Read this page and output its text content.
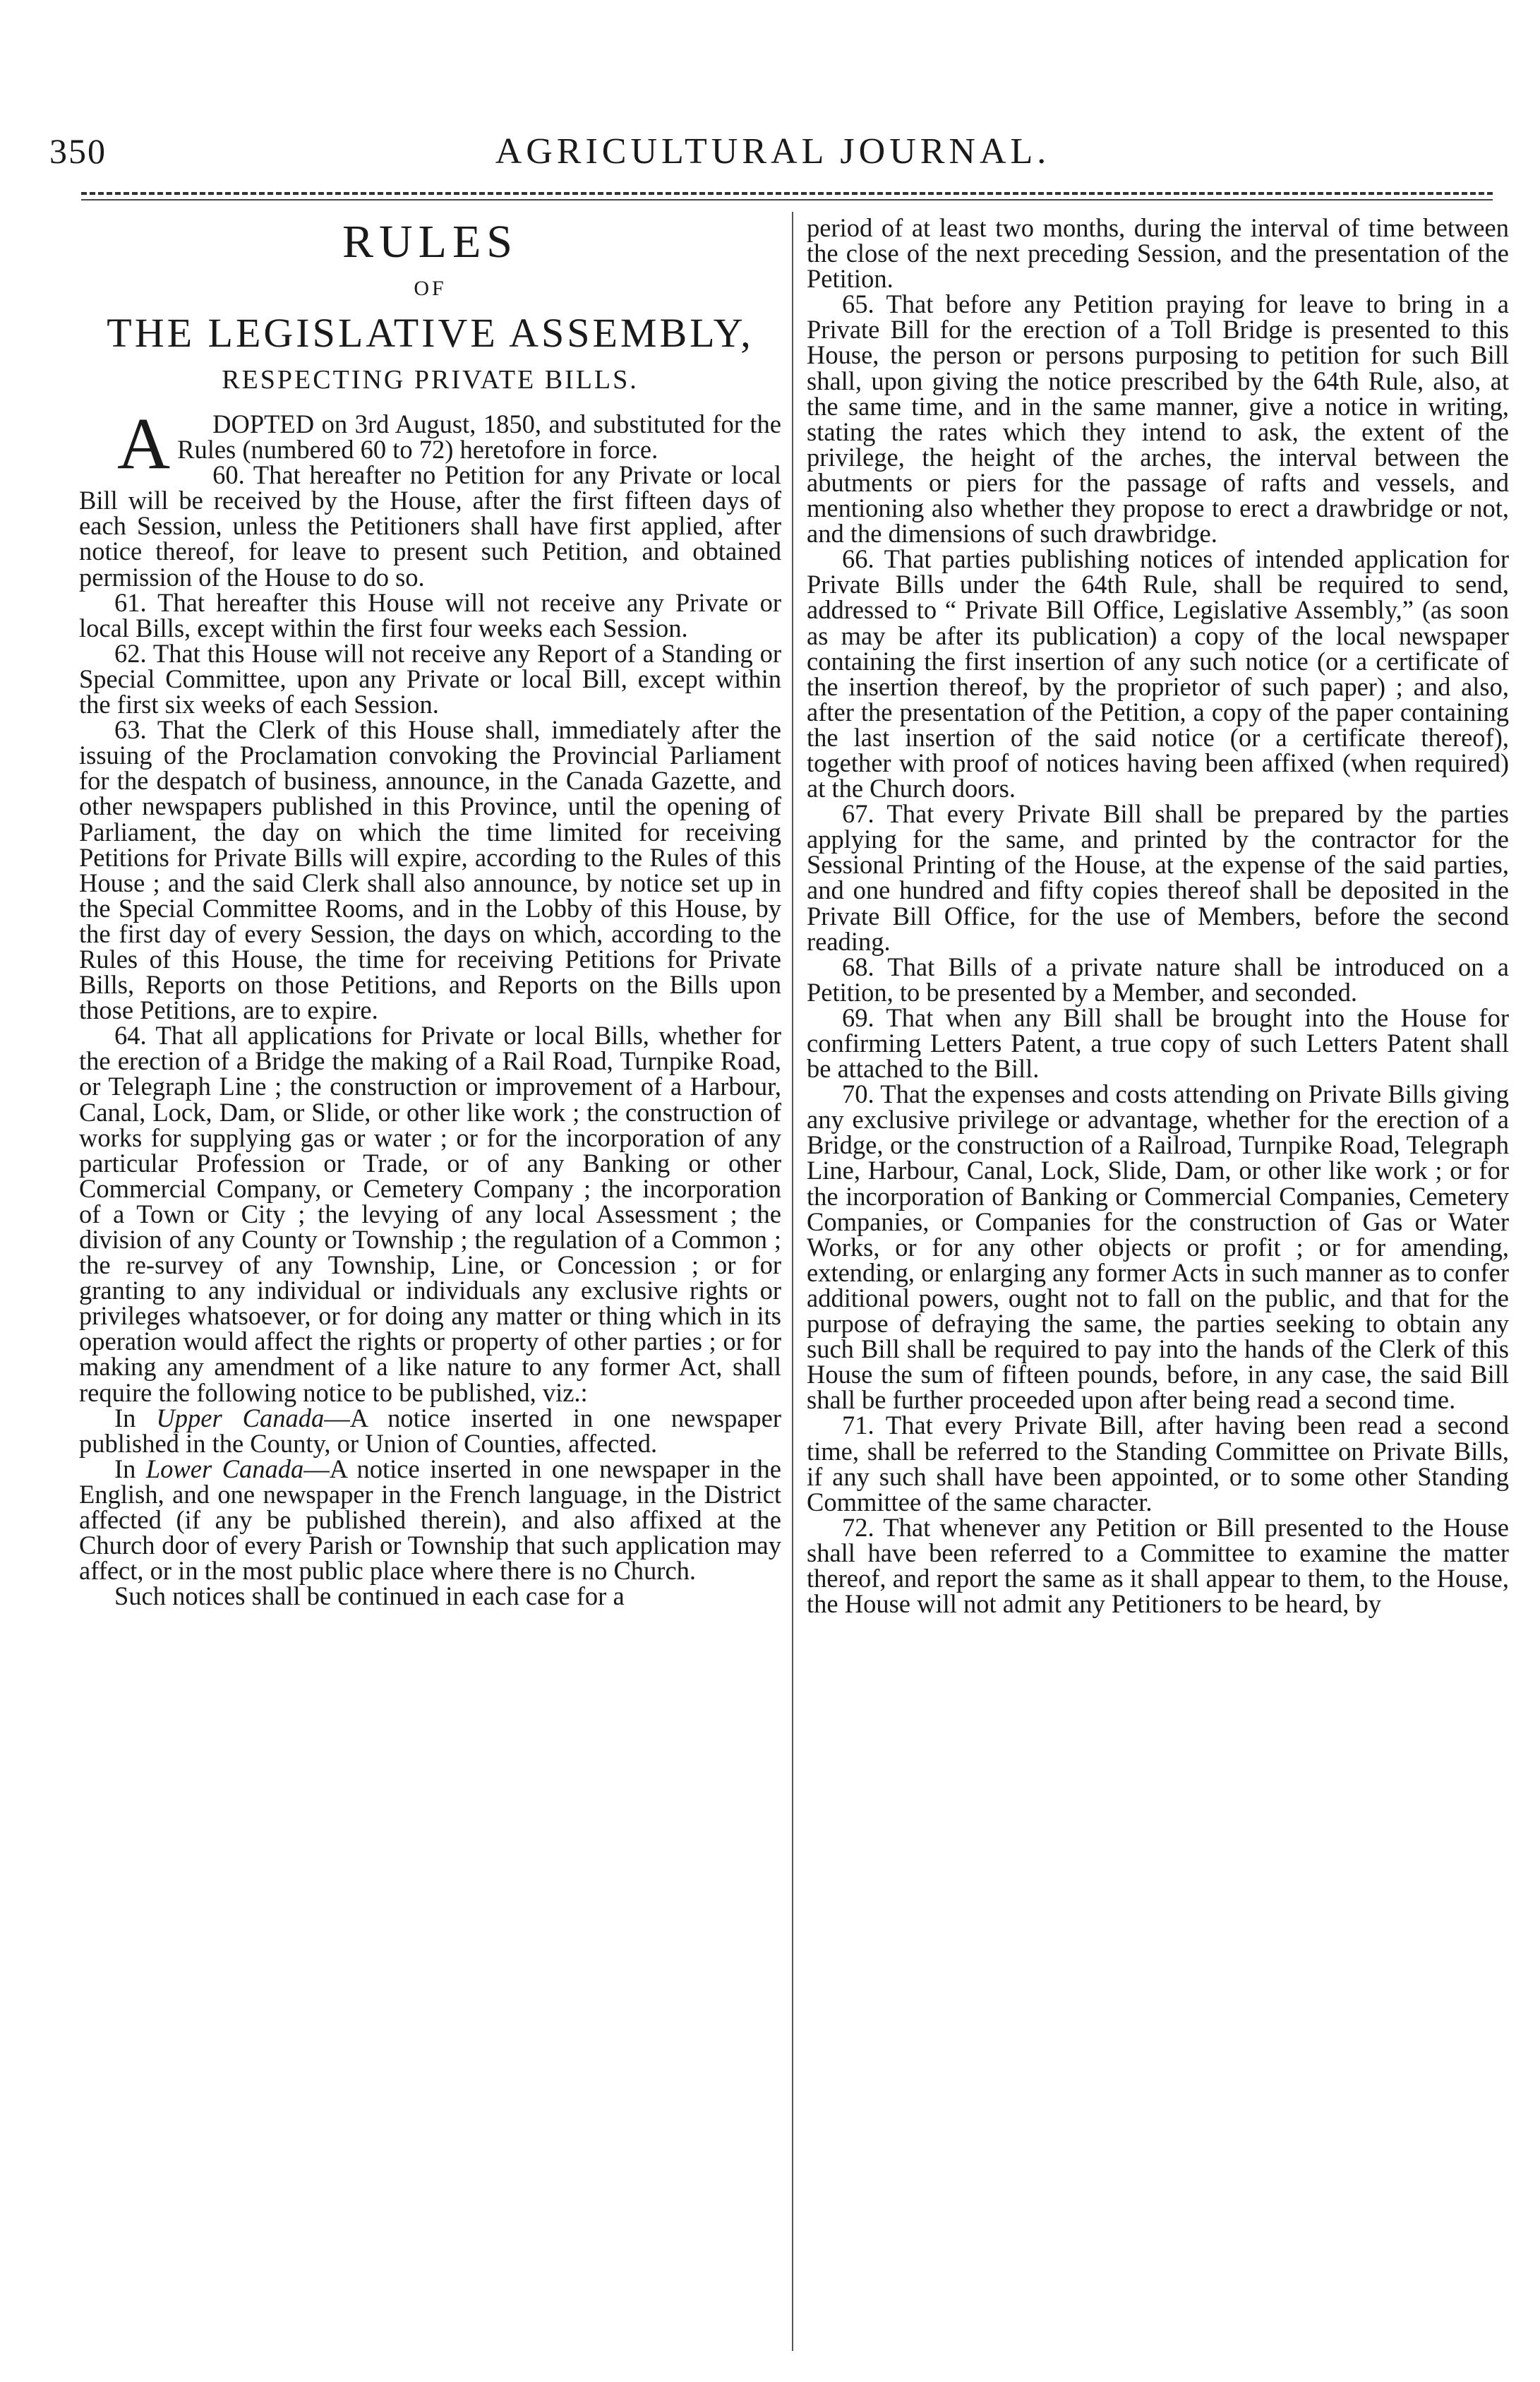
350	AGRICULTURAL JOURNAL.
RULES
OF
THE LEGISLATIVE ASSEMBLY,
RESPECTING PRIVATE BILLS.

A DOPTED on 3rd August, 1850, and substituted for the Rules (numbered 60 to 72) heretofore in force.

60. That hereafter no Petition for any Private or local Bill will be received by the House, after the first fifteen days of each Session, unless the Petitioners shall have first applied, after notice thereof, for leave to present such Petition, and obtained permission of the House to do so.

61. That hereafter this House will not receive any Private or local Bills, except within the first four weeks each Session.

62. That this House will not receive any Report of a Standing or Special Committee, upon any Private or local Bill, except within the first six weeks of each Session.

63. That the Clerk of this House shall, immediately after the issuing of the Proclamation convoking the Provincial Parliament for the despatch of business, announce, in the Canada Gazette, and other newspapers published in this Province, until the opening of Parliament, the day on which the time limited for receiving Petitions for Private Bills will expire, according to the Rules of this House ; and the said Clerk shall also announce, by notice set up in the Special Committee Rooms, and in the Lobby of this House, by the first day of every Session, the days on which, according to the Rules of this House, the time for receiving Petitions for Private Bills, Reports on those Petitions, and Reports on the Bills upon those Petitions, are to expire.

64. That all applications for Private or local Bills, whether for the erection of a Bridge the making of a Rail Road, Turnpike Road, or Telegraph Line ; the construction or improvement of a Harbour, Canal, Lock, Dam, or Slide, or other like work ; the construction of works for supplying gas or water ; or for the incorporation of any particular Profession or Trade, or of any Banking or other Commercial Company, or Cemetery Company ; the incorporation of a Town or City ; the levying of any local Assessment ; the division of any County or Township ; the regulation of a Common ; the re-survey of any Township, Line, or Concession ; or for granting to any individual or individuals any exclusive rights or privileges whatsoever, or for doing any matter or thing which in its operation would affect the rights or property of other parties ; or for making any amendment of a like nature to any former Act, shall require the following notice to be published, viz.:

In Upper Canada—A notice inserted in one newspaper published in the County, or Union of Counties, affected.

In Lower Canada—A notice inserted in one newspaper in the English, and one newspaper in the French language, in the District affected (if any be published therein), and also affixed at the Church door of every Parish or Township that such application may affect, or in the most public place where there is no Church.

Such notices shall be continued in each case for a

period of at least two months, during the interval of time between the close of the next preceding Session, and the presentation of the Petition.

65. That before any Petition praying for leave to bring in a Private Bill for the erection of a Toll Bridge is presented to this House, the person or persons purposing to petition for such Bill shall, upon giving the notice prescribed by the 64th Rule, also, at the same time, and in the same manner, give a notice in writing, stating the rates which they intend to ask, the extent of the privilege, the height of the arches, the interval between the abutments or piers for the passage of rafts and vessels, and mentioning also whether they propose to erect a drawbridge or not, and the dimensions of such drawbridge.

66. That parties publishing notices of intended application for Private Bills under the 64th Rule, shall be required to send, addressed to “ Private Bill Office, Legislative Assembly,” (as soon as may be after its publication) a copy of the local newspaper containing the first insertion of any such notice (or a certificate of the insertion thereof, by the proprietor of such paper) ; and also, after the presentation of the Petition, a copy of the paper containing the last insertion of the said notice (or a certificate thereof), together with proof of notices having been affixed (when required) at the Church doors.

67. That every Private Bill shall be prepared by the parties applying for the same, and printed by the contractor for the Sessional Printing of the House, at the expense of the said parties, and one hundred and fifty copies thereof shall be deposited in the Private Bill Office, for the use of Members, before the second reading.

68. That Bills of a private nature shall be introduced on a Petition, to be presented by a Member, and seconded.

69. That when any Bill shall be brought into the House for confirming Letters Patent, a true copy of such Letters Patent shall be attached to the Bill.

70. That the expenses and costs attending on Private Bills giving any exclusive privilege or advantage, whether for the erection of a Bridge, or the construction of a Railroad, Turnpike Road, Telegraph Line, Harbour, Canal, Lock, Slide, Dam, or other like work ; or for the incorporation of Banking or Commercial Companies, Cemetery Companies, or Companies for the construction of Gas or Water Works, or for any other objects or profit ; or for amending, extending, or enlarging any former Acts in such manner as to confer additional powers, ought not to fall on the public, and that for the purpose of defraying the same, the parties seeking to obtain any such Bill shall be required to pay into the hands of the Clerk of this House the sum of fifteen pounds, before, in any case, the said Bill shall be further proceeded upon after being read a second time.

71. That every Private Bill, after having been read a second time, shall be referred to the Standing Committee on Private Bills, if any such shall have been appointed, or to some other Standing Committee of the same character.

72. That whenever any Petition or Bill presented to the House shall have been referred to a Committee to examine the matter thereof, and report the same as it shall appear to them, to the House, the House will not admit any Petitioners to be heard, by
